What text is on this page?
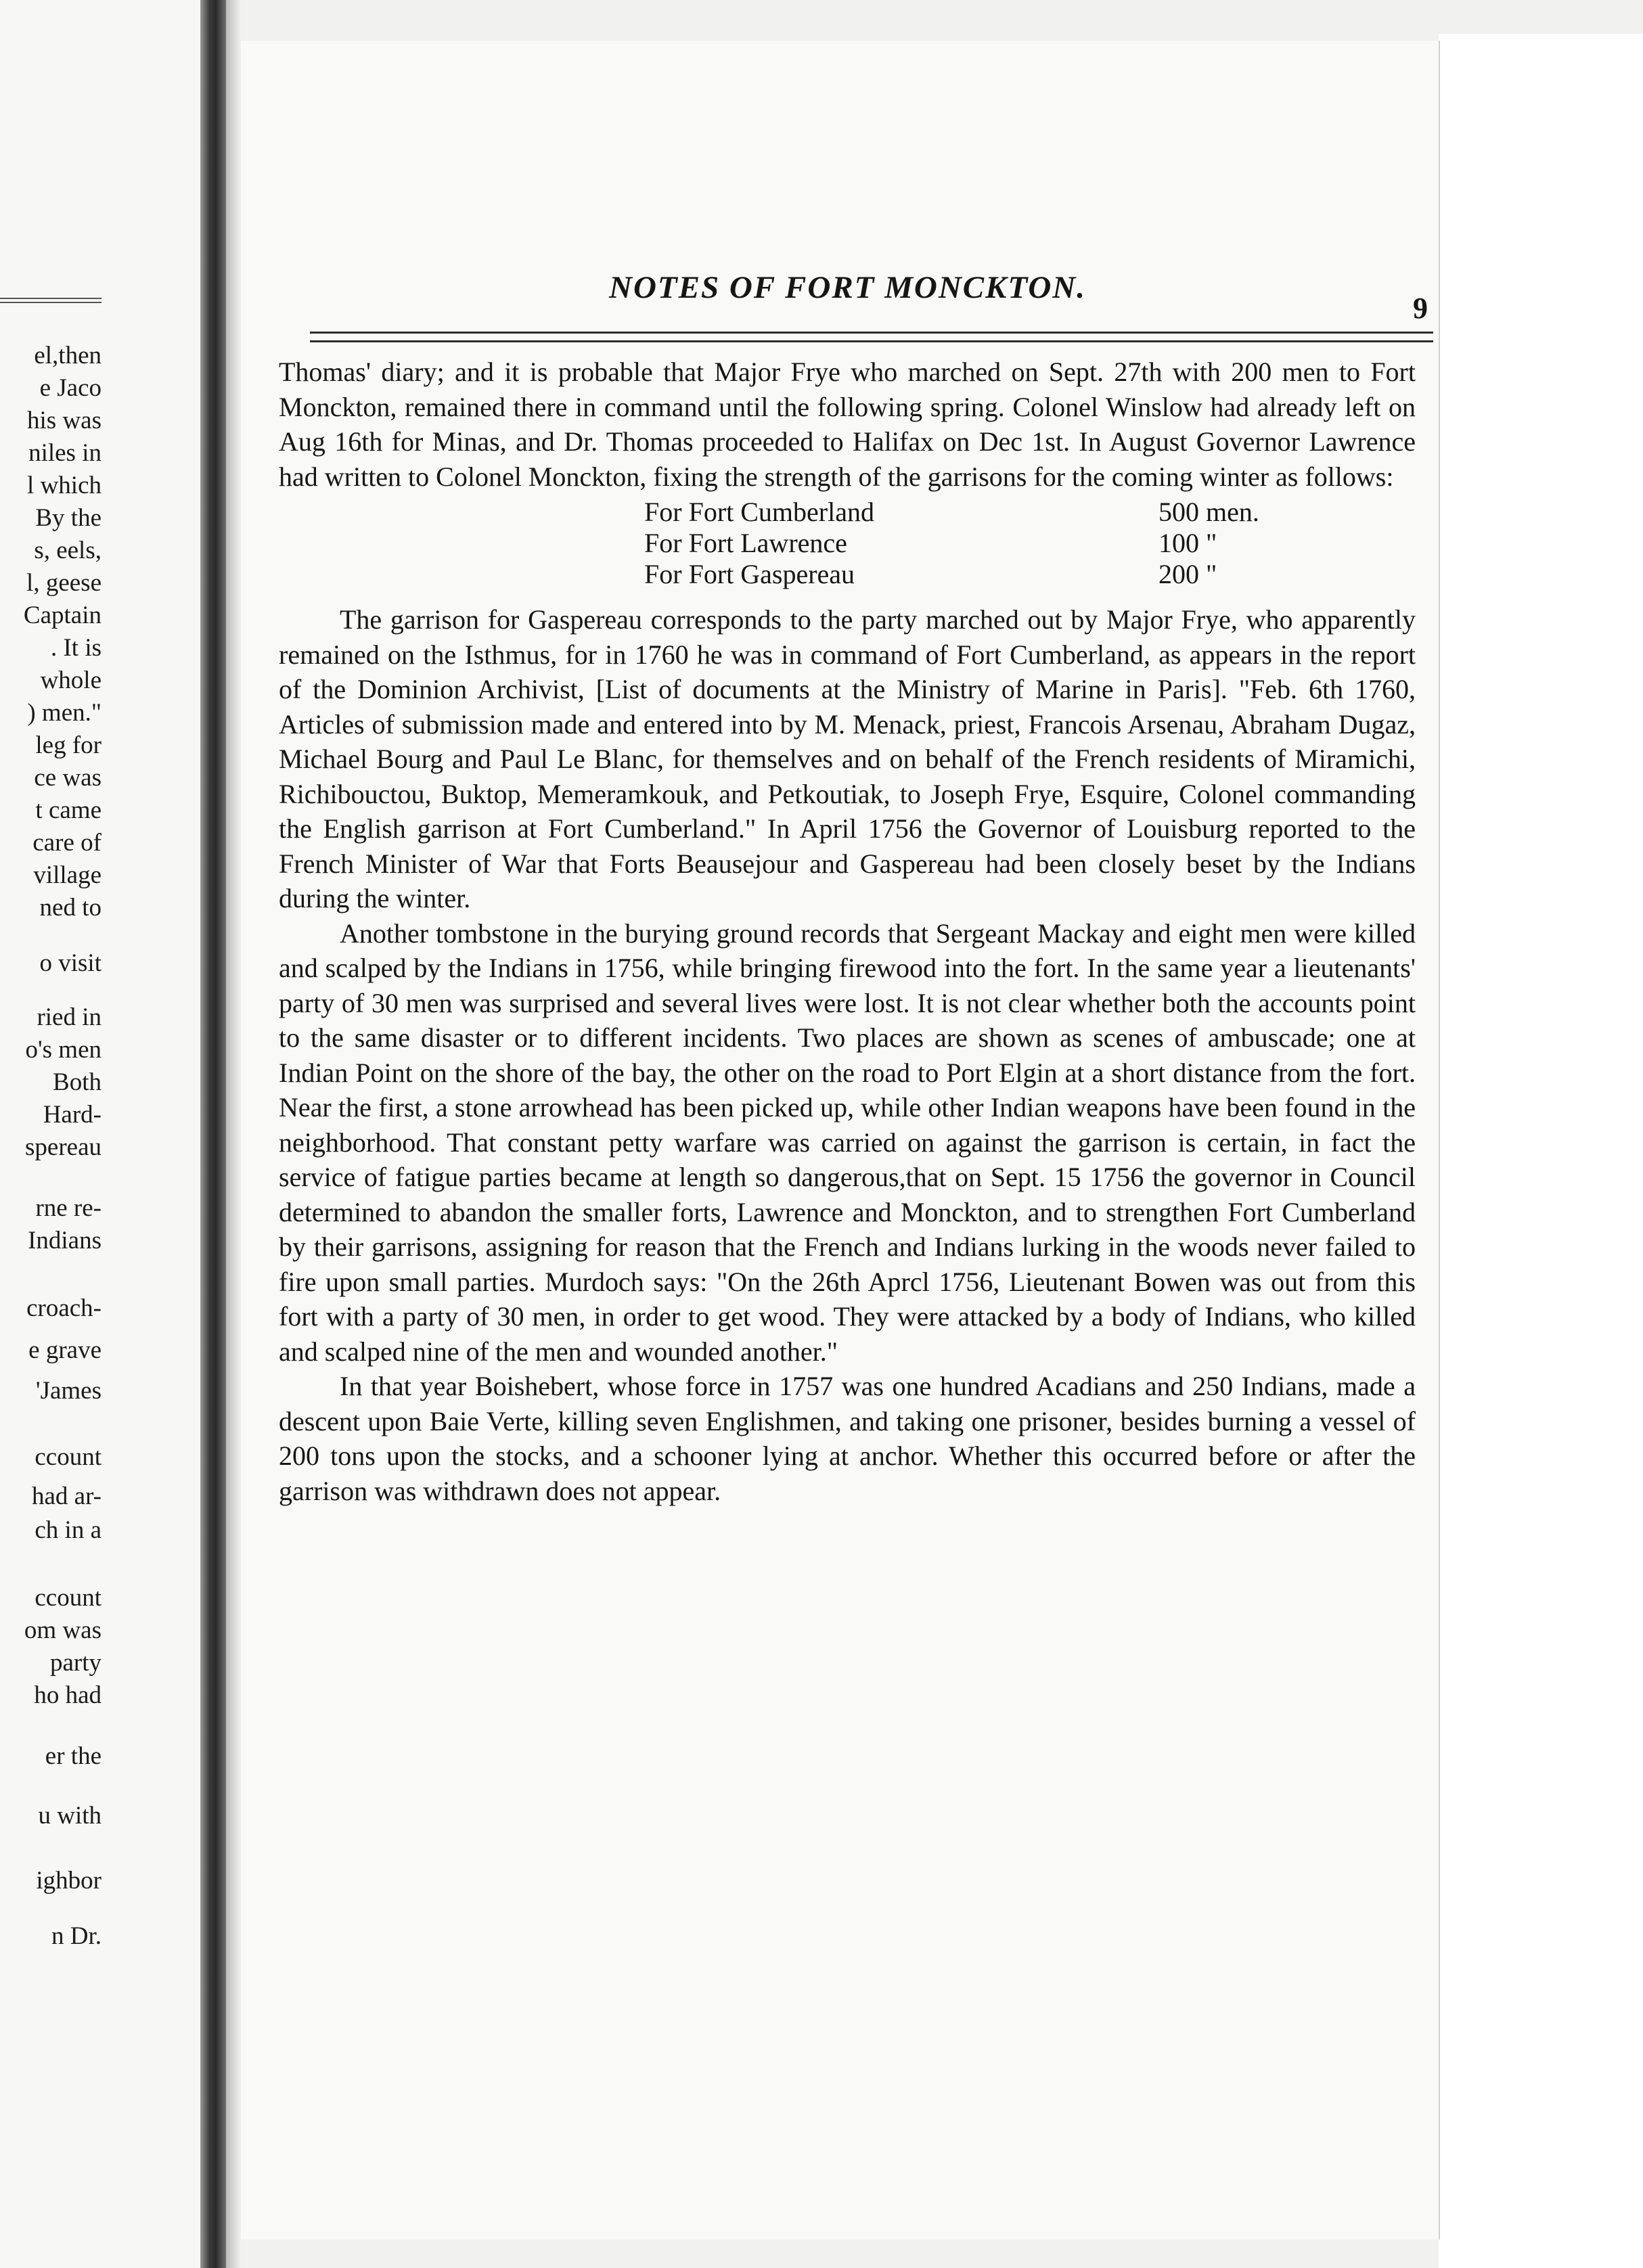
el,then
e Jaco
his was
niles in
l which
By the
s, eels,
l, geese
Captain
. It is
whole
) men."
leg for
ce was
t came
care of
village
ned to
o visit
ried in
o's men
Both
Hard-
spereau
rne re-
Indians
croach-
e grave
'James
ccount
had ar-
ch in a
ccount
om was
party
ho had
er the
u with
ighbor
n Dr.
NOTES OF FORT MONCKTON.
9

Thomas' diary; and it is probable that Major Frye who marched on Sept. 27th with 200 men to Fort Monckton, remained there in command until the following spring. Colonel Winslow had already left on Aug 16th for Minas, and Dr. Thomas proceeded to Halifax on Dec 1st. In August Governor Lawrence had written to Colonel Monckton, fixing the strength of the garrisons for the coming winter as follows:

For Fort Cumberland	500 men.
For Fort Lawrence	100 "
For Fort Gaspereau	200 "

The garrison for Gaspereau corresponds to the party marched out by Major Frye, who apparently remained on the Isthmus, for in 1760 he was in command of Fort Cumberland, as appears in the report of the Dominion Archivist, [List of documents at the Ministry of Marine in Paris]. "Feb. 6th 1760, Articles of submission made and entered into by M. Menack, priest, Francois Arsenau, Abraham Dugaz, Michael Bourg and Paul Le Blanc, for themselves and on behalf of the French residents of Miramichi, Richibouctou, Buktop, Memeramkouk, and Petkoutiak, to Joseph Frye, Esquire, Colonel commanding the English garrison at Fort Cumberland." In April 1756 the Governor of Louisburg reported to the French Minister of War that Forts Beausejour and Gaspereau had been closely beset by the Indians during the winter.

Another tombstone in the burying ground records that Sergeant Mackay and eight men were killed and scalped by the Indians in 1756, while bringing firewood into the fort. In the same year a lieutenants' party of 30 men was surprised and several lives were lost. It is not clear whether both the accounts point to the same disaster or to different incidents. Two places are shown as scenes of ambuscade; one at Indian Point on the shore of the bay, the other on the road to Port Elgin at a short distance from the fort. Near the first, a stone arrowhead has been picked up, while other Indian weapons have been found in the neighborhood. That constant petty warfare was carried on against the garrison is certain, in fact the service of fatigue parties became at length so dangerous,that on Sept. 15 1756 the governor in Council determined to abandon the smaller forts, Lawrence and Monckton, and to strengthen Fort Cumberland by their garrisons, assigning for reason that the French and Indians lurking in the woods never failed to fire upon small parties. Murdoch says: "On the 26th Aprcl 1756, Lieutenant Bowen was out from this fort with a party of 30 men, in order to get wood. They were attacked by a body of Indians, who killed and scalped nine of the men and wounded another."

In that year Boishebert, whose force in 1757 was one hundred Acadians and 250 Indians, made a descent upon Baie Verte, killing seven Englishmen, and taking one prisoner, besides burning a vessel of 200 tons upon the stocks, and a schooner lying at anchor. Whether this occurred before or after the garrison was withdrawn does not appear.
